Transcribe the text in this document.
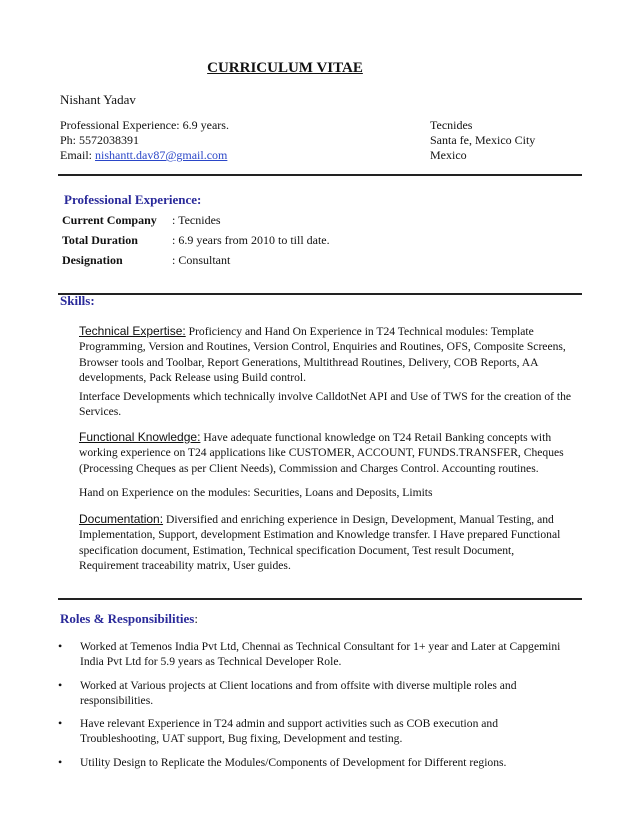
CURRICULUM VITAE
Nishant Yadav
Professional Experience: 6.9 years.
Ph: 5572038391
Email: nishantt.dav87@gmail.com
Tecnides
Santa fe, Mexico City
Mexico
Professional Experience:
Current Company : Tecnides
Total Duration	: 6.9 years from 2010 to till date.
Designation	: Consultant
Skills:
Technical Expertise: Proficiency and Hand On Experience in T24 Technical modules: Template Programming, Version and Routines, Version Control, Enquiries and Routines, OFS, Composite Screens, Browser tools and Toolbar, Report Generations, Multithread Routines, Delivery, COB Reports, AA developments, Pack Release using Build control.
Interface Developments which technically involve CalldotNet API and Use of TWS for the creation of the Services.
Functional Knowledge: Have adequate functional knowledge on T24 Retail Banking concepts with working experience on T24 applications like CUSTOMER, ACCOUNT, FUNDS.TRANSFER, Cheques (Processing Cheques as per Client Needs), Commission and Charges Control. Accounting routines.
Hand on Experience on the modules: Securities, Loans and Deposits, Limits
Documentation: Diversified and enriching experience in Design, Development, Manual Testing, and Implementation, Support, development Estimation and Knowledge transfer. I Have prepared Functional specification document, Estimation, Technical specification Document, Test result Document, Requirement traceability matrix, User guides.
Roles & Responsibilities:
• Worked at Temenos India Pvt Ltd, Chennai as Technical Consultant for 1+ year and Later at Capgemini India Pvt Ltd for 5.9 years as Technical Developer Role.
• Worked at Various projects at Client locations and from offsite with diverse multiple roles and responsibilities.
• Have relevant Experience in T24 admin and support activities such as COB execution and Troubleshooting, UAT support, Bug fixing, Development and testing.
• Utility Design to Replicate the Modules/Components of Development for Different regions.
